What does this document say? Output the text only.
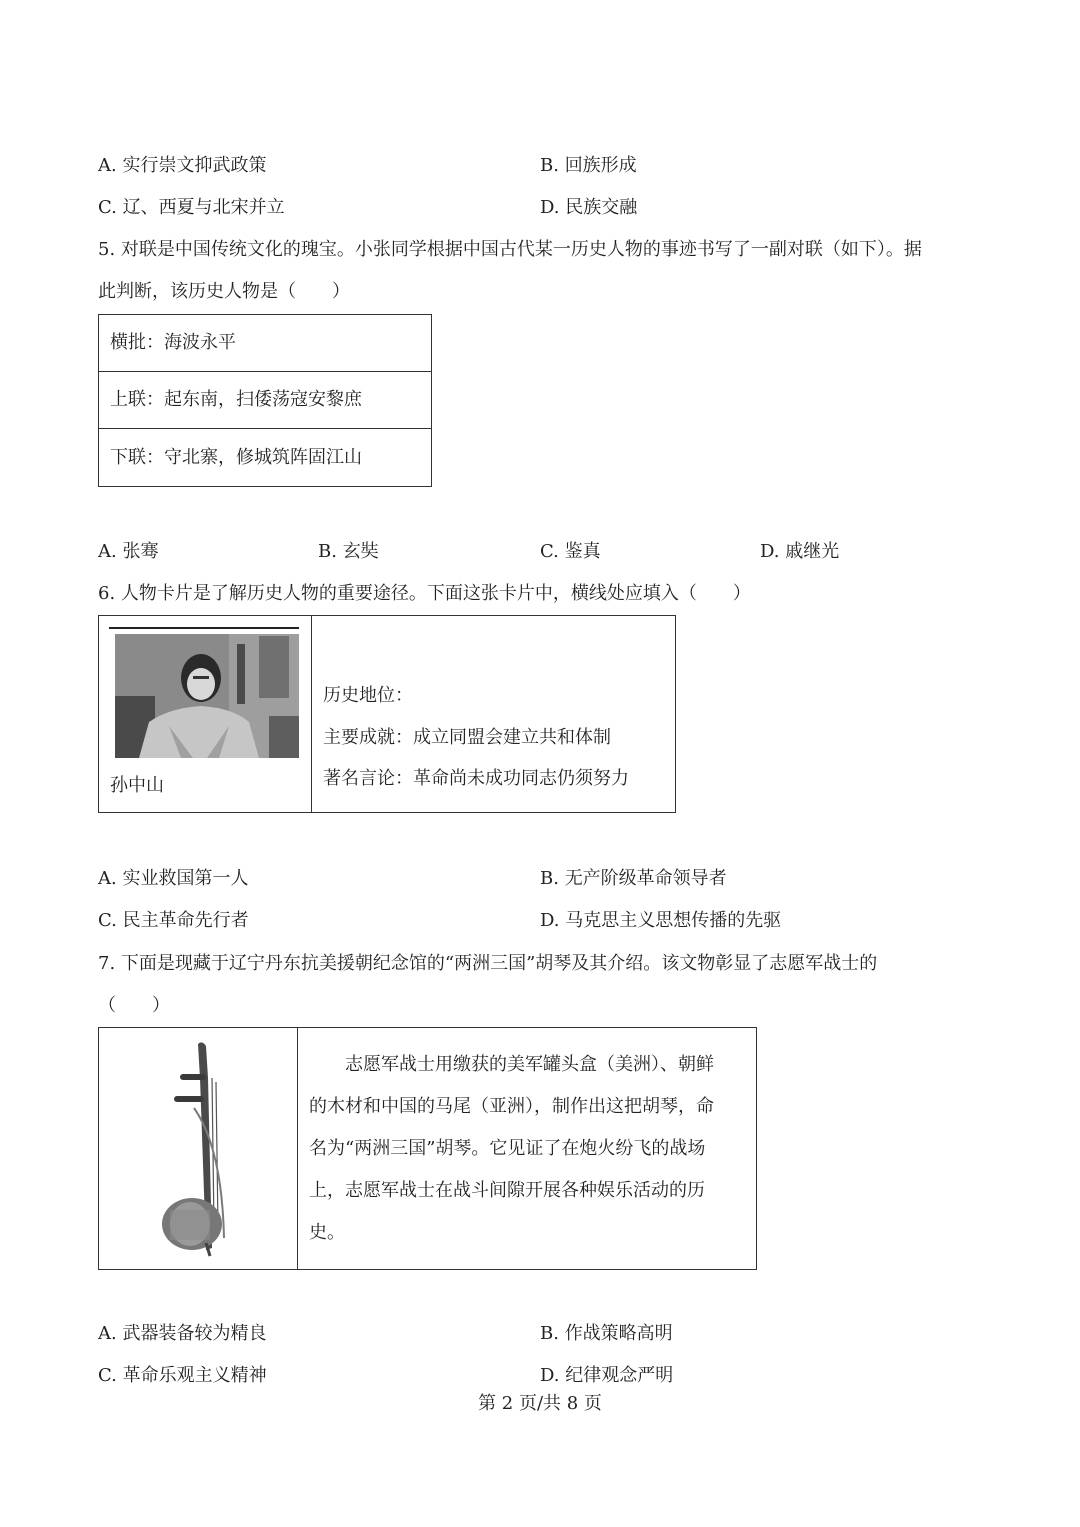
A. 实行崇文抑武政策	B. 回族形成
C. 辽、西夏与北宋并立	D. 民族交融
5. 对联是中国传统文化的瑰宝。小张同学根据中国古代某一历史人物的事迹书写了一副对联（如下）。据
此判断，该历史人物是（　　）
横批：海波永平

上联：起东南，扫倭荡寇安黎庶

下联：守北寨，修城筑阵固江山
A. 张骞	B. 玄奘	C. 鉴真	D. 戚继光
6. 人物卡片是了解历史人物的重要途径。下面这张卡片中，横线处应填入（　　）
孙中山
历史地位：
主要成就：成立同盟会建立共和体制
著名言论：革命尚未成功同志仍须努力
A. 实业救国第一人	B. 无产阶级革命领导者
C. 民主革命先行者	D. 马克思主义思想传播的先驱
7. 下面是现藏于辽宁丹东抗美援朝纪念馆的“两洲三国”胡琴及其介绍。该文物彰显了志愿军战士的
（　　）
　　志愿军战士用缴获的美军罐头盒（美洲）、朝鲜
的木材和中国的马尾（亚洲），制作出这把胡琴，命
名为“两洲三国”胡琴。它见证了在炮火纷飞的战场
上，志愿军战士在战斗间隙开展各种娱乐活动的历
史。
A. 武器装备较为精良	B. 作战策略高明
C. 革命乐观主义精神	D. 纪律观念严明
第 2 页/共 8 页
